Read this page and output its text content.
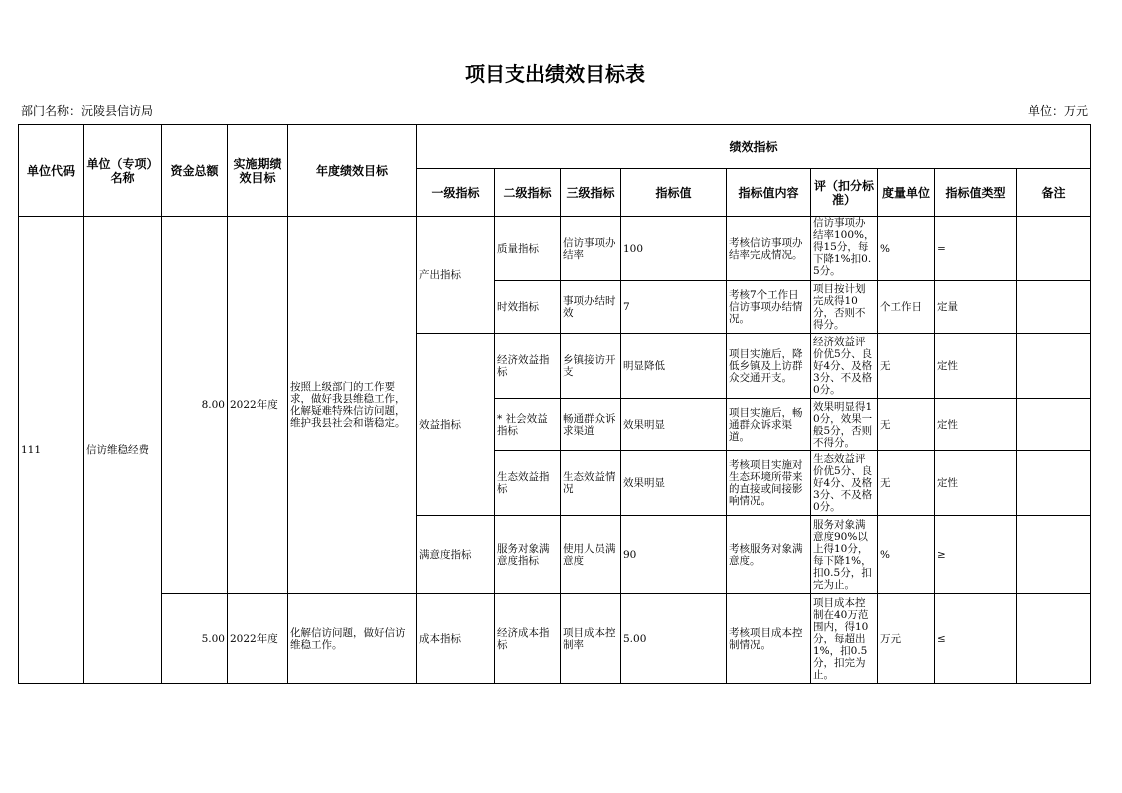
项目支出绩效目标表
部门名称：沅陵县信访局	单位：万元
单位代码	单位（专项）名称	资金总额	实施期绩效目标	年度绩效目标	绩效指标								
					一级指标	二级指标	三级指标	指标值	指标值内容	评（扣分标准）	度量单位	指标值类型	备注
111	信访维稳经费	8.00	2022年度	按照上级部门的工作要求，做好我县维稳工作，化解疑难特殊信访问题，维护我县社会和谐稳定。	产出指标	质量指标	信访事项办结率	100	考核信访事项办结率完成情况。	信访事项办结率100%，得15分，每下降1%扣0.5分。	%	=	
						时效指标	事项办结时效	7	考核7个工作日信访事项办结情况。	项目按计划完成得10分，否则不得分。	个工作日	定量	
					效益指标	经济效益指标	乡镇接访开支	明显降低	项目实施后，降低乡镇及上访群众交通开支。	经济效益评价优5分、良好4分、及格3分、不及格0分。	无	定性	
						* 社会效益指标	畅通群众诉求渠道	效果明显	项目实施后，畅通群众诉求渠道。	效果明显得10分，效果一般5分，否则不得分。	无	定性	
						生态效益指标	生态效益情况	效果明显	考核项目实施对生态环境所带来的直接或间接影响情况。	生态效益评价优5分、良好4分、及格3分、不及格0分。	无	定性	
					满意度指标	服务对象满意度指标	使用人员满意度	90	考核服务对象满意度。	服务对象满意度90%以上得10分，每下降1%，扣0.5分，扣完为止。	%	≥	
		5.00	2022年度	化解信访问题，做好信访维稳工作。	成本指标	经济成本指标	项目成本控制率	5.00	考核项目成本控制情况。	项目成本控制在40万范围内，得10分，每超出1%，扣0.5分，扣完为止。	万元	≤	
